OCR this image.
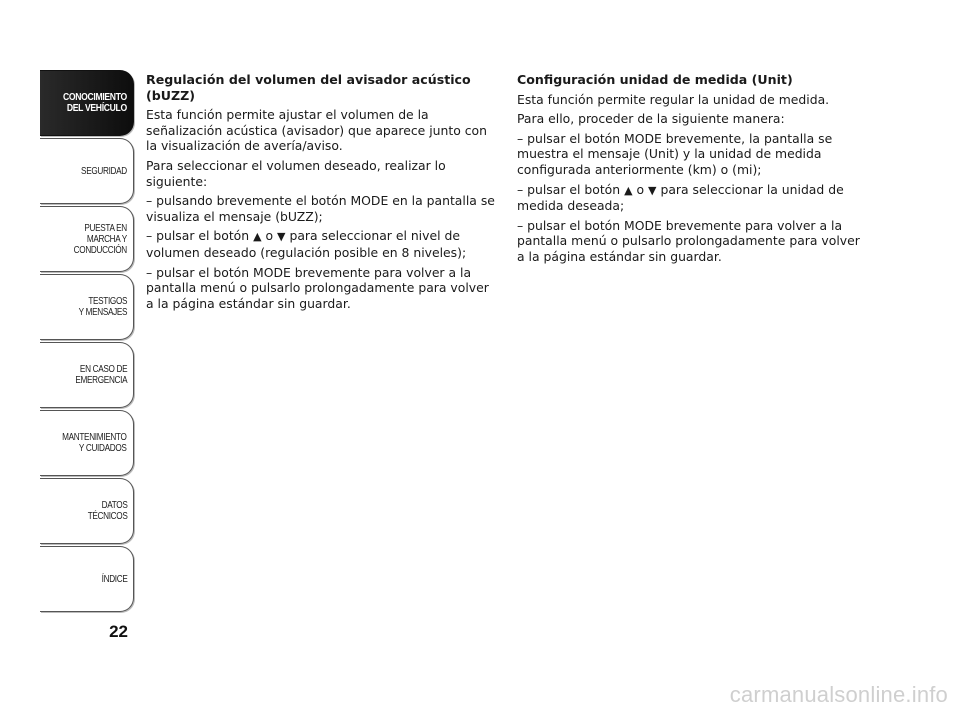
CONOCIMIENTO
DEL VEHÍCULO
SEGURIDAD
PUESTA EN
MARCHA Y
CONDUCCIÓN
TESTIGOS
Y MENSAJES
EN CASO DE
EMERGENCIA
MANTENIMIENTO
Y CUIDADOS
DATOS
TÉCNICOS
ÍNDICE
22
Regulación del volumen del avisador acústico (bUZZ)

Esta función permite ajustar el volumen de la señalización acústica (avisador) que aparece junto con la visualización de avería/aviso.

Para seleccionar el volumen deseado, realizar lo siguiente:

– pulsando brevemente el botón MODE en la pantalla se visualiza el mensaje (bUZZ);

– pulsar el botón ▲ o ▼ para seleccionar el nivel de volumen deseado (regulación posible en 8 niveles);

– pulsar el botón MODE brevemente para volver a la pantalla menú o pulsarlo prolongadamente para volver a la página estándar sin guardar.

Configuración unidad de medida (Unit)

Esta función permite regular la unidad de medida.

Para ello, proceder de la siguiente manera:

– pulsar el botón MODE brevemente, la pantalla se muestra el mensaje (Unit) y la unidad de medida configurada anteriormente (km) o (mi);

– pulsar el botón ▲ o ▼ para seleccionar la unidad de medida deseada;

– pulsar el botón MODE brevemente para volver a la pantalla menú o pulsarlo prolongadamente para volver a la página estándar sin guardar.

carmanualsonline.info
